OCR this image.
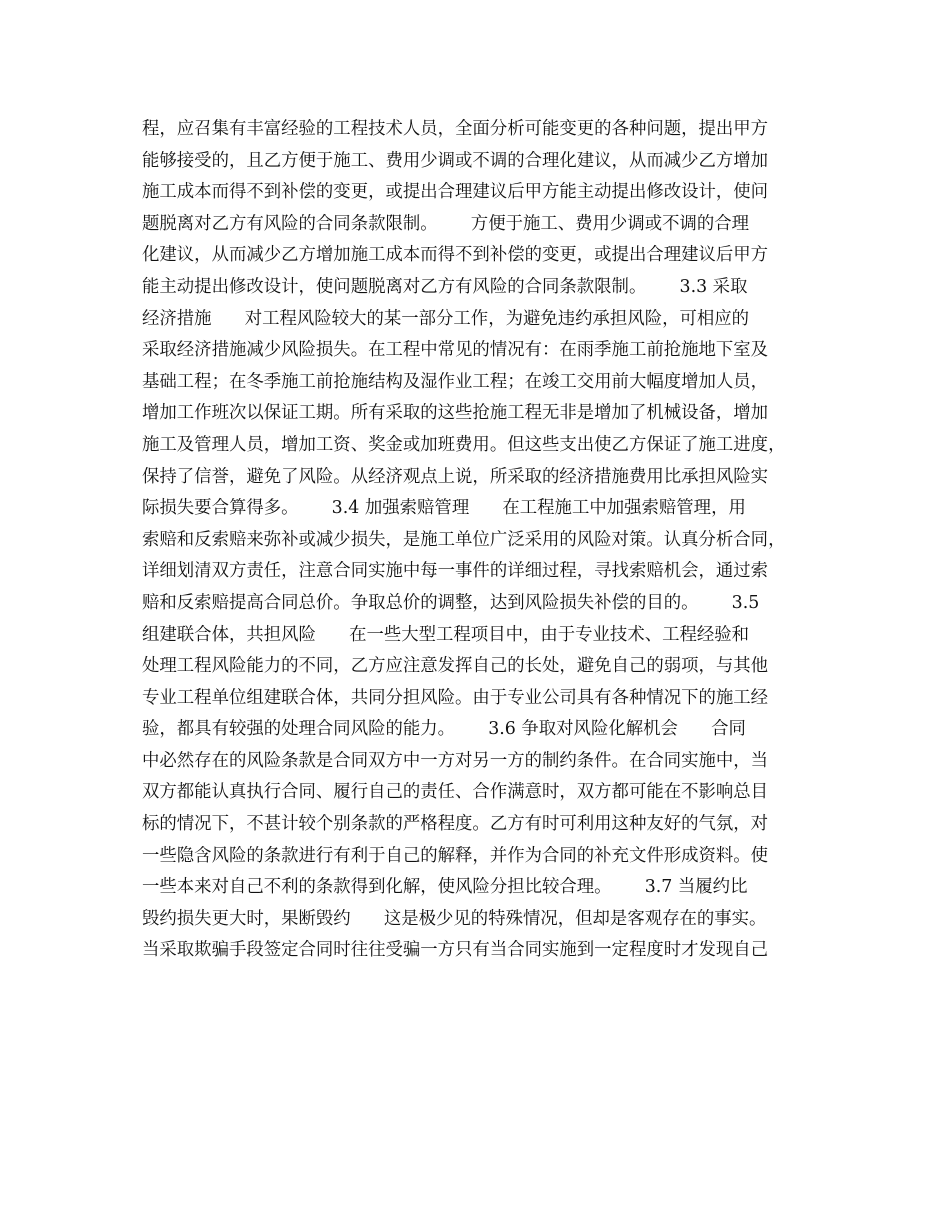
程，应召集有丰富经验的工程技术人员，全面分析可能变更的各种问题，提出甲方
能够接受的，且乙方便于施工、费用少调或不调的合理化建议，从而减少乙方增加
施工成本而得不到补偿的变更，或提出合理建议后甲方能主动提出修改设计，使问
题脱离对乙方有风险的合同条款限制。      方便于施工、费用少调或不调的合理
化建议，从而减少乙方增加施工成本而得不到补偿的变更，或提出合理建议后甲方
能主动提出修改设计，使问题脱离对乙方有风险的合同条款限制。      3.3 采取
经济措施      对工程风险较大的某一部分工作，为避免违约承担风险，可相应的
采取经济措施减少风险损失。在工程中常见的情况有：在雨季施工前抢施地下室及
基础工程；在冬季施工前抢施结构及湿作业工程；在竣工交用前大幅度增加人员，
增加工作班次以保证工期。所有采取的这些抢施工程无非是增加了机械设备，增加
施工及管理人员，增加工资、奖金或加班费用。但这些支出使乙方保证了施工进度，
保持了信誉，避免了风险。从经济观点上说，所采取的经济措施费用比承担风险实
际损失要合算得多。      3.4 加强索赔管理      在工程施工中加强索赔管理，用
索赔和反索赔来弥补或减少损失，是施工单位广泛采用的风险对策。认真分析合同，
详细划清双方责任，注意合同实施中每一事件的详细过程，寻找索赔机会，通过索
赔和反索赔提高合同总价。争取总价的调整，达到风险损失补偿的目的。      3.5
组建联合体，共担风险      在一些大型工程项目中，由于专业技术、工程经验和
处理工程风险能力的不同，乙方应注意发挥自己的长处，避免自己的弱项，与其他
专业工程单位组建联合体，共同分担风险。由于专业公司具有各种情况下的施工经
验，都具有较强的处理合同风险的能力。      3.6 争取对风险化解机会      合同
中必然存在的风险条款是合同双方中一方对另一方的制约条件。在合同实施中，当
双方都能认真执行合同、履行自己的责任、合作满意时，双方都可能在不影响总目
标的情况下，不甚计较个别条款的严格程度。乙方有时可利用这种友好的气氛，对
一些隐含风险的条款进行有利于自己的解释，并作为合同的补充文件形成资料。使
一些本来对自己不利的条款得到化解，使风险分担比较合理。      3.7 当履约比
毁约损失更大时，果断毁约      这是极少见的特殊情况，但却是客观存在的事实。
当采取欺骗手段签定合同时往往受骗一方只有当合同实施到一定程度时才发现自己
